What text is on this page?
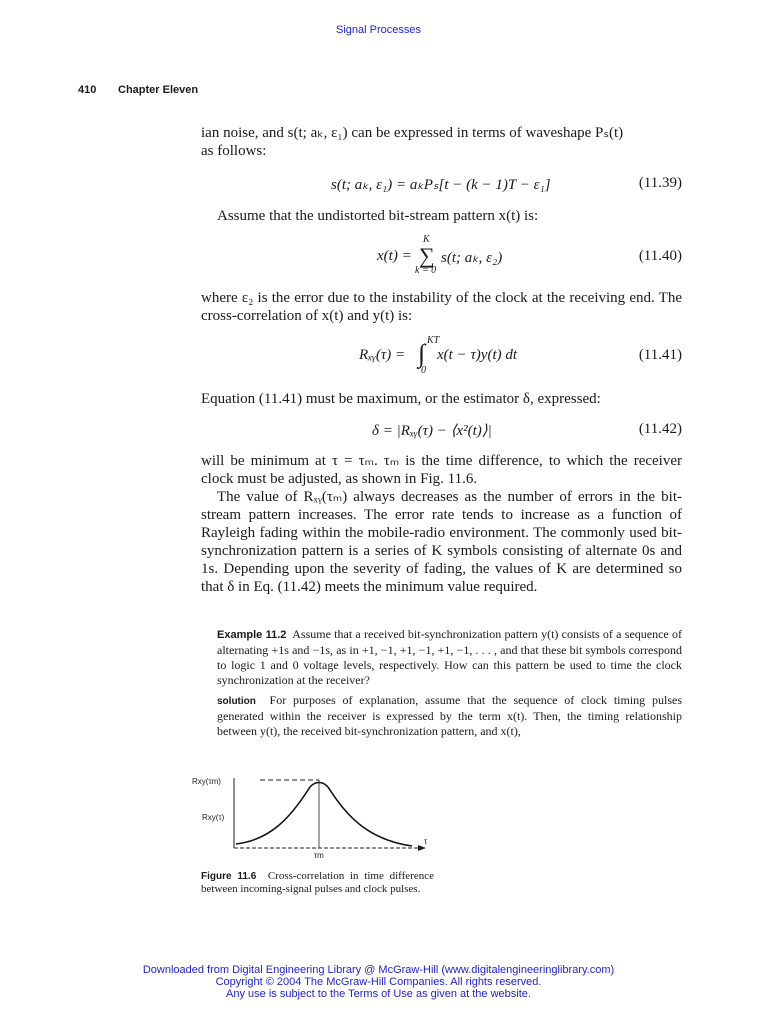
Signal Processes
410 Chapter Eleven
ian noise, and s(t; aₖ, ε₁) can be expressed in terms of waveshape Pₛ(t)
as follows:
s(t; aₖ, ε₁) = aₖPₛ[t − (k − 1)T − ε₁]	(11.39)
Assume that the undistorted bit-stream pattern x(t) is:
x(t) =
K
∑
k = 0
s(t; aₖ, ε₂)	(11.40)
where ε₂ is the error due to the instability of the clock at the receiving end. The cross-correlation of x(t) and y(t) is:
Rₓᵧ(τ) =
KT
∫
0
x(t − τ)y(t) dt	(11.41)
Equation (11.41) must be maximum, or the estimator δ, expressed:
δ = |Rₓᵧ(τ) − ⟨x²(t)⟩|	(11.42)
will be minimum at τ = τₘ. τₘ is the time difference, to which the receiver clock must be adjusted, as shown in Fig. 11.6.
The value of Rₓᵧ(τₘ) always decreases as the number of errors in the bit-stream pattern increases. The error rate tends to increase as a function of Rayleigh fading within the mobile-radio environment. The commonly used bit-synchronization pattern is a series of K symbols consisting of alternate 0s and 1s. Depending upon the severity of fading, the values of K are determined so that δ in Eq. (11.42) meets the minimum value required.
Example 11.2 Assume that a received bit-synchronization pattern y(t) consists of a sequence of alternating +1s and −1s, as in +1, −1, +1, −1, +1, −1, . . . , and that these bit symbols correspond to logic 1 and 0 voltage levels, respectively. How can this pattern be used to time the clock synchronization at the receiver?
solution For purposes of explanation, assume that the sequence of clock timing pulses generated within the receiver is expressed by the term x(t). Then, the timing relationship between y(t), the received bit-synchronization pattern, and x(t),
Rxy(τm)
Rxy(τ)
τm
τ
Figure 11.6 Cross-correlation in time difference between incoming-signal pulses and clock pulses.
Downloaded from Digital Engineering Library @ McGraw-Hill (www.digitalengineeringlibrary.com)
Copyright © 2004 The McGraw-Hill Companies. All rights reserved.
Any use is subject to the Terms of Use as given at the website.
